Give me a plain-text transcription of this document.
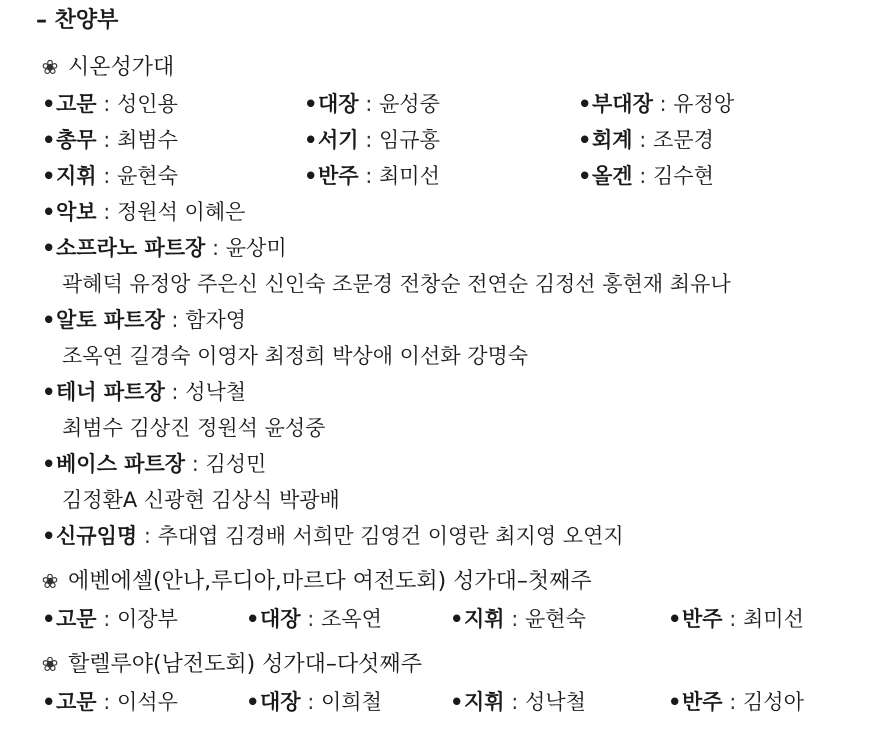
– 찬양부
❀ 시온성가대
•고문 : 성인용	•대장 : 윤성중	•부대장 : 유정앙
•총무 : 최범수	•서기 : 임규홍	•회계 : 조문경
•지휘 : 윤현숙	•반주 : 최미선	•올겐 : 김수현
•악보 : 정원석 이혜은
•소프라노 파트장 : 윤상미
곽혜덕 유정앙 주은신 신인숙 조문경 전창순 전연순 김정선 홍현재 최유나
•알토 파트장 : 함자영
조옥연 길경숙 이영자 최정희 박상애 이선화 강명숙
•테너 파트장 : 성낙철
최범수 김상진 정원석 윤성중
•베이스 파트장 : 김성민
김정환A 신광현 김상식 박광배
•신규임명 : 추대엽 김경배 서희만 김영건 이영란 최지영 오연지
❀ 에벤에셀(안나,루디아,마르다 여전도회) 성가대–첫째주
•고문 : 이장부	•대장 : 조옥연	•지휘 : 윤현숙	•반주 : 최미선
❀ 할렐루야(남전도회) 성가대–다섯째주
•고문 : 이석우	•대장 : 이희철	•지휘 : 성낙철	•반주 : 김성아
